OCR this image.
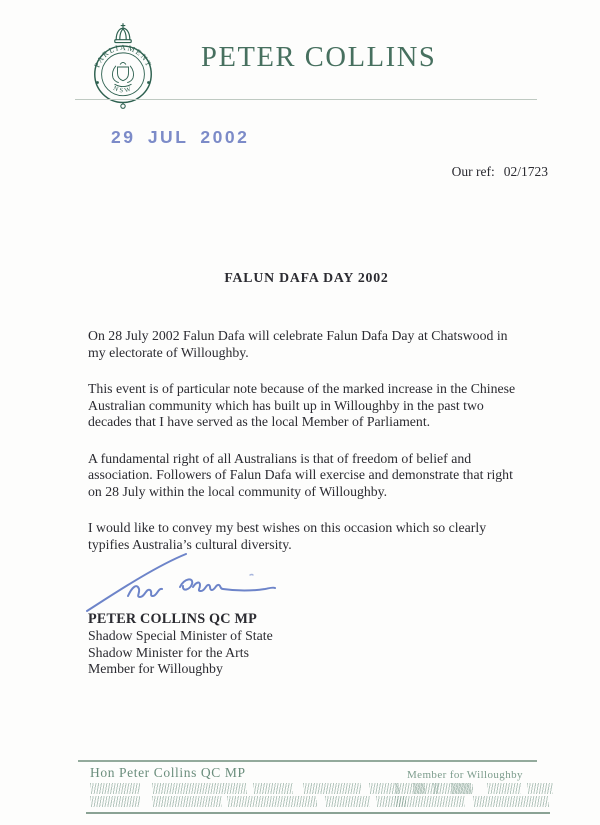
PARLIAMENT
NSW
PETER COLLINS
29 JUL 2002
Our ref: 02/1723
FALUN DAFA DAY 2002

On 28 July 2002 Falun Dafa will celebrate Falun Dafa Day at Chatswood in my electorate of Willoughby.

This event is of particular note because of the marked increase in the Chinese Australian community which has built up in Willoughby in the past two decades that I have served as the local Member of Parliament.

A fundamental right of all Australians is that of freedom of belief and association. Followers of Falun Dafa will exercise and demonstrate that right on 28 July within the local community of Willoughby.

I would like to convey my best wishes on this occasion which so clearly typifies Australia’s cultural diversity.

PETER COLLINS QC MP
Shadow Special Minister of State
Shadow Minister for the Arts
Member for Willoughby
Hon Peter Collins QC MP	Member for Willoughby
